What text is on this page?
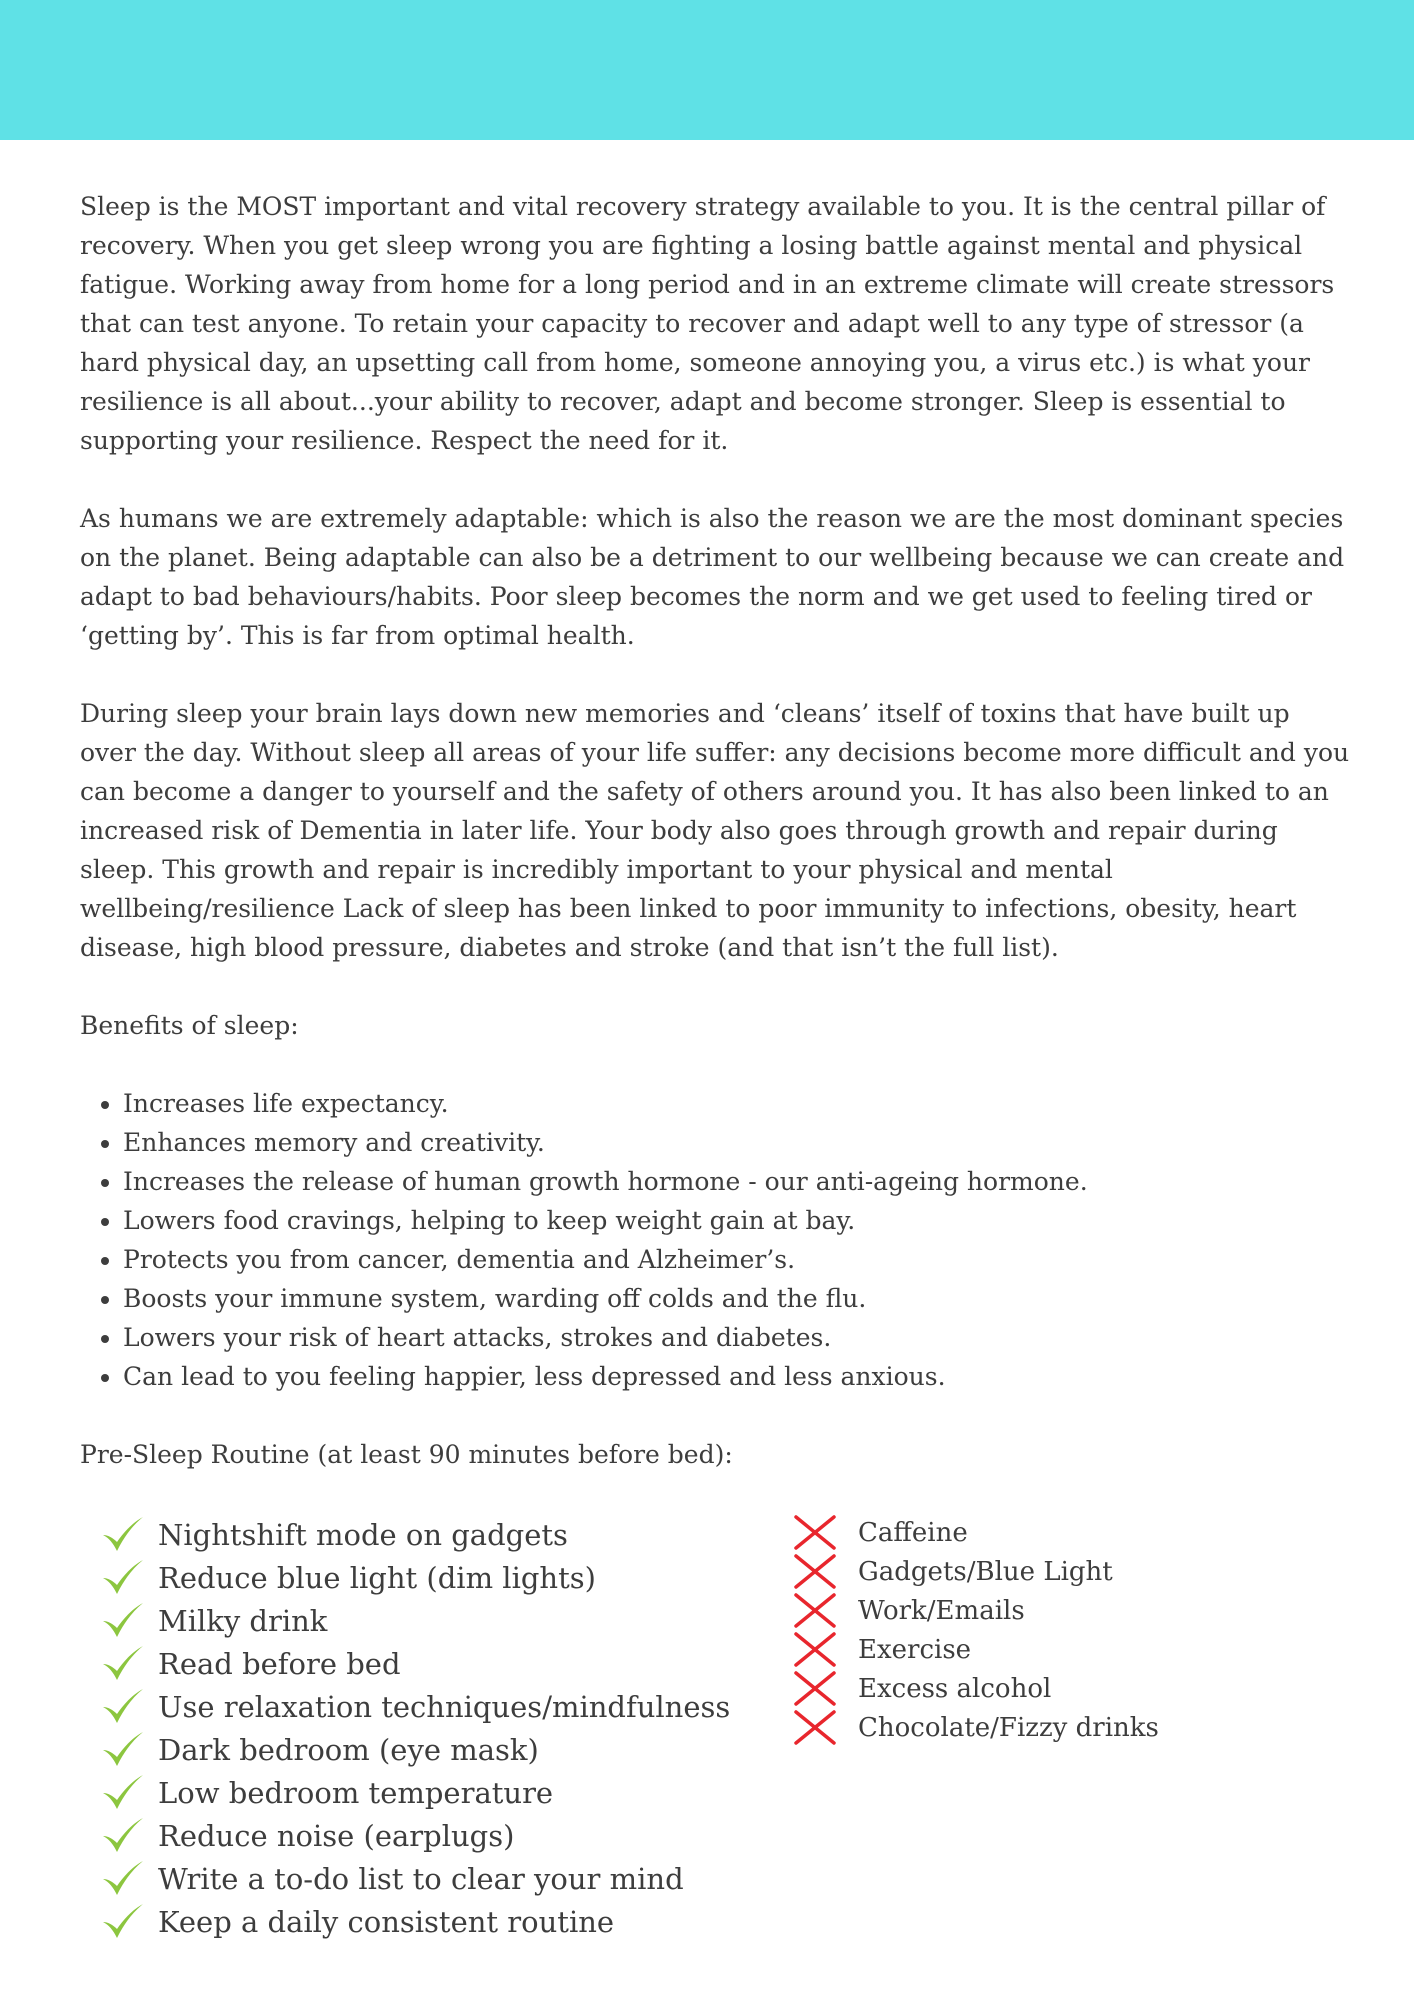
Sleep is the MOST important and vital recovery strategy available to you. It is the central pillar of recovery. When you get sleep wrong you are fighting a losing battle against mental and physical fatigue. Working away from home for a long period and in an extreme climate will create stressors that can test anyone. To retain your capacity to recover and adapt well to any type of stressor (a hard physical day, an upsetting call from home, someone annoying you, a virus etc.) is what your resilience is all about...your ability to recover, adapt and become stronger. Sleep is essential to supporting your resilience. Respect the need for it.

As humans we are extremely adaptable: which is also the reason we are the most dominant species on the planet. Being adaptable can also be a detriment to our wellbeing because we can create and adapt to bad behaviours/habits. Poor sleep becomes the norm and we get used to feeling tired or ‘getting by’. This is far from optimal health.

During sleep your brain lays down new memories and ‘cleans’ itself of toxins that have built up over the day. Without sleep all areas of your life suffer: any decisions become more difficult and you can become a danger to yourself and the safety of others around you. It has also been linked to an increased risk of Dementia in later life. Your body also goes through growth and repair during sleep. This growth and repair is incredibly important to your physical and mental wellbeing/resilience Lack of sleep has been linked to poor immunity to infections, obesity, heart disease, high blood pressure, diabetes and stroke (and that isn’t the full list).

Benefits of sleep:

• Increases life expectancy.
• Enhances memory and creativity.
• Increases the release of human growth hormone - our anti-ageing hormone.
• Lowers food cravings, helping to keep weight gain at bay.
• Protects you from cancer, dementia and Alzheimer’s.
• Boosts your immune system, warding off colds and the flu.
• Lowers your risk of heart attacks, strokes and diabetes.
• Can lead to you feeling happier, less depressed and less anxious.

Pre-Sleep Routine (at least 90 minutes before bed):

Nightshift mode on gadgets
Reduce blue light (dim lights)
Milky drink
Read before bed
Use relaxation techniques/mindfulness
Dark bedroom (eye mask)
Low bedroom temperature
Reduce noise (earplugs)
Write a to-do list to clear your mind
Keep a daily consistent routine
Caffeine
Gadgets/Blue Light
Work/Emails
Exercise
Excess alcohol
Chocolate/Fizzy drinks
